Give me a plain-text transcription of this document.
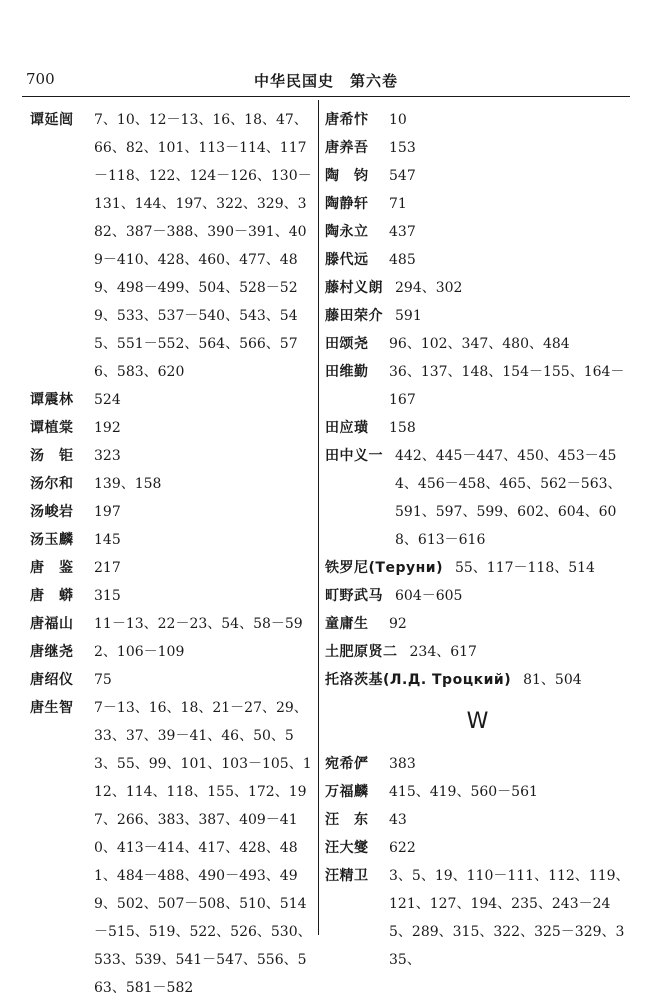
700	中华民国史　第六卷
谭延闿	7、10、12－13、16、18、47、66、82、101、113－114、117－118、122、124－126、130－131、144、197、322、329、382、387－388、390－391、409－410、428、460、477、489、498－499、504、528－529、533、537－540、543、545、551－552、564、566、576、583、620
谭震林	524
谭植棠	192
汤　钜	323
汤尔和	139、158
汤峻岩	197
汤玉麟	145
唐　鉴	217
唐　蟒	315
唐福山	11－13、22－23、54、58－59
唐继尧	2、106－109
唐绍仪	75
唐生智	7－13、16、18、21－27、29、33、37、39－41、46、50、53、55、99、101、103－105、112、114、118、155、172、197、266、383、387、409－410、413－414、417、428、481、484－488、490－493、499、502、507－508、510、514－515、519、522、526、530、533、539、541－547、556、563、581－582
唐希忭	10
唐养吾	153
陶　钧	547
陶静轩	71
陶永立	437
滕代远	485
藤村义朗 294、302
藤田荣介 591
田颂尧	96、102、347、480、484
田维勤	36、137、148、154－155、164－167
田应璜	158
田中义一 442、445－447、450、453－454、456－458、465、562－563、591、597、599、602、604、608、613－616
铁罗尼(Теруни) 55、117－118、514
町野武马 604－605
童庸生	92
土肥原贤二 234、617
托洛茨基(Л.Д. Троцкий) 81、504
W
宛希俨	383
万福麟	415、419、560－561
汪　东	43
汪大燮	622
汪精卫	3、5、19、110－111、112、119、121、127、194、235、243－245、289、315、322、325－329、335、
